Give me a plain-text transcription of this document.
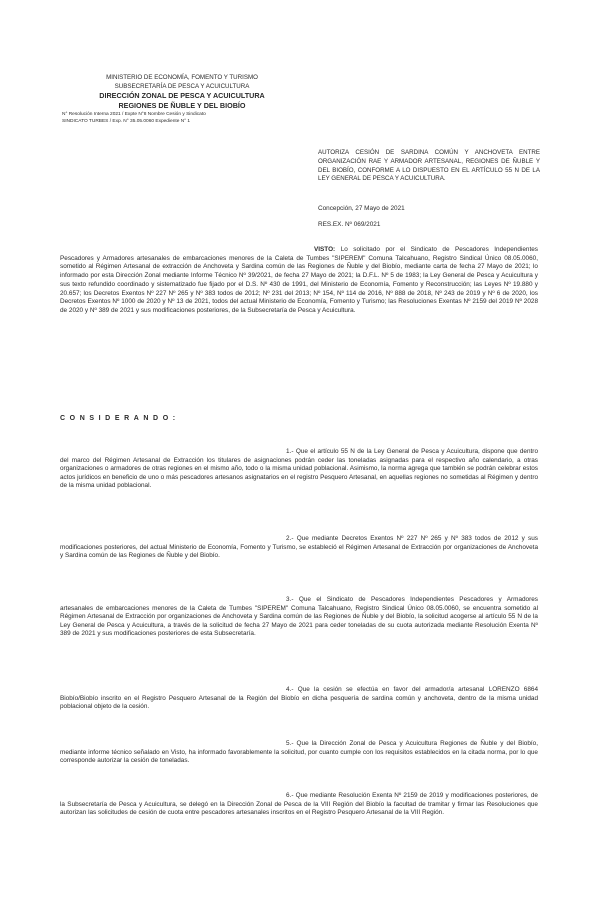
MINISTERIO DE ECONOMÍA, FOMENTO Y TURISMO
SUBSECRETARÍA DE PESCA Y ACUICULTURA
DIRECCIÓN ZONAL DE PESCA Y ACUICULTURA
REGIONES DE ÑUBLE Y DEL BIOBÍO
N° Resolución Interna 2021 / Expte N°8 Nombre Cesión y Sindicato
SINDICATO TURBES / Exp. N° 35.05.0060 Expediente N° 1
AUTORIZA CESIÓN DE SARDINA COMÚN Y ANCHOVETA ENTRE ORGANIZACIÓN RAE Y ARMADOR ARTESANAL, REGIONES DE ÑUBLE Y DEL BIOBÍO, CONFORME A LO DISPUESTO EN EL ARTÍCULO 55 N DE LA LEY GENERAL DE PESCA Y ACUICULTURA.
Concepción, 27 Mayo de 2021
RES.EX. Nº 069/2021
VISTO: Lo solicitado por el Sindicato de Pescadores Independientes Pescadores y Armadores artesanales de embarcaciones menores de la Caleta de Tumbes "SIPEREM" Comuna Talcahuano, Registro Sindical Único 08.05.0060, sometido al Régimen Artesanal de extracción de Anchoveta y Sardina común de las Regiones de Ñuble y del Biobío, mediante carta de fecha 27 Mayo de 2021; lo informado por esta Dirección Zonal mediante Informe Técnico Nº 39/2021, de fecha 27 Mayo de 2021; la D.F.L. Nº 5 de 1983; la Ley General de Pesca y Acuicultura y sus texto refundido coordinado y sistematizado fue fijado por el D.S. Nº 430 de 1991, del Ministerio de Economía, Fomento y Reconstrucción; las Leyes Nº 19.880 y 20.657; los Decretos Exentos Nº 227 Nº 265 y Nº 383 todos de 2012; Nº 231 del 2013; Nº 154, Nº 114 de 2016, Nº 888 de 2018, Nº 243 de 2019 y Nº 6 de 2020, los Decretos Exentos Nº 1000 de 2020 y Nº 13 de 2021, todos del actual Ministerio de Economía, Fomento y Turismo; las Resoluciones Exentas Nº 2159 del 2019 Nº 2028 de 2020 y Nº 389 de 2021 y sus modificaciones posteriores, de la Subsecretaría de Pesca y Acuicultura.
CONSIDERANDO:
1.- Que el artículo 55 N de la Ley General de Pesca y Acuicultura, dispone que dentro del marco del Régimen Artesanal de Extracción los titulares de asignaciones podrán ceder las toneladas asignadas para el respectivo año calendario, a otras organizaciones o armadores de otras regiones en el mismo año, todo o la misma unidad poblacional. Asimismo, la norma agrega que también se podrán celebrar estos actos jurídicos en beneficio de uno o más pescadores artesanos asignatarios en el registro Pesquero Artesanal, en aquellas regiones no sometidas al Régimen y dentro de la misma unidad poblacional.
2.- Que mediante Decretos Exentos Nº 227 Nº 265 y Nº 383 todos de 2012 y sus modificaciones posteriores, del actual Ministerio de Economía, Fomento y Turismo, se estableció el Régimen Artesanal de Extracción por organizaciones de Anchoveta y Sardina común de las Regiones de Ñuble y del Biobío.
3.- Que el Sindicato de Pescadores Independientes Pescadores y Armadores artesanales de embarcaciones menores de la Caleta de Tumbes "SIPEREM" Comuna Talcahuano, Registro Sindical Único 08.05.0060, se encuentra sometido al Régimen Artesanal de Extracción por organizaciones de Anchoveta y Sardina común de las Regiones de Ñuble y del Biobío, la solicitud acogerse al artículo 55 N de la Ley General de Pesca y Acuicultura, a través de la solicitud de fecha 27 Mayo de 2021 para ceder toneladas de su cuota autorizada mediante Resolución Exenta Nº 389 de 2021 y sus modificaciones posteriores de esta Subsecretaría.
4.- Que la cesión se efectúa en favor del armador/a artesanal LORENZO 6864 Biobío/Biobío inscrito en el Registro Pesquero Artesanal de la Región del Biobío en dicha pesquería de sardina común y anchoveta, dentro de la misma unidad poblacional objeto de la cesión.
5.- Que la Dirección Zonal de Pesca y Acuicultura Regiones de Ñuble y del Biobío, mediante informe técnico señalado en Visto, ha informado favorablemente la solicitud, por cuanto cumple con los requisitos establecidos en la citada norma, por lo que corresponde autorizar la cesión de toneladas.
6.- Que mediante Resolución Exenta Nº 2159 de 2019 y modificaciones posteriores, de la Subsecretaría de Pesca y Acuicultura, se delegó en la Dirección Zonal de Pesca de la VIII Región del Biobío la facultad de tramitar y firmar las Resoluciones que autorizan las solicitudes de cesión de cuota entre pescadores artesanales inscritos en el Registro Pesquero Artesanal de la VIII Región.
